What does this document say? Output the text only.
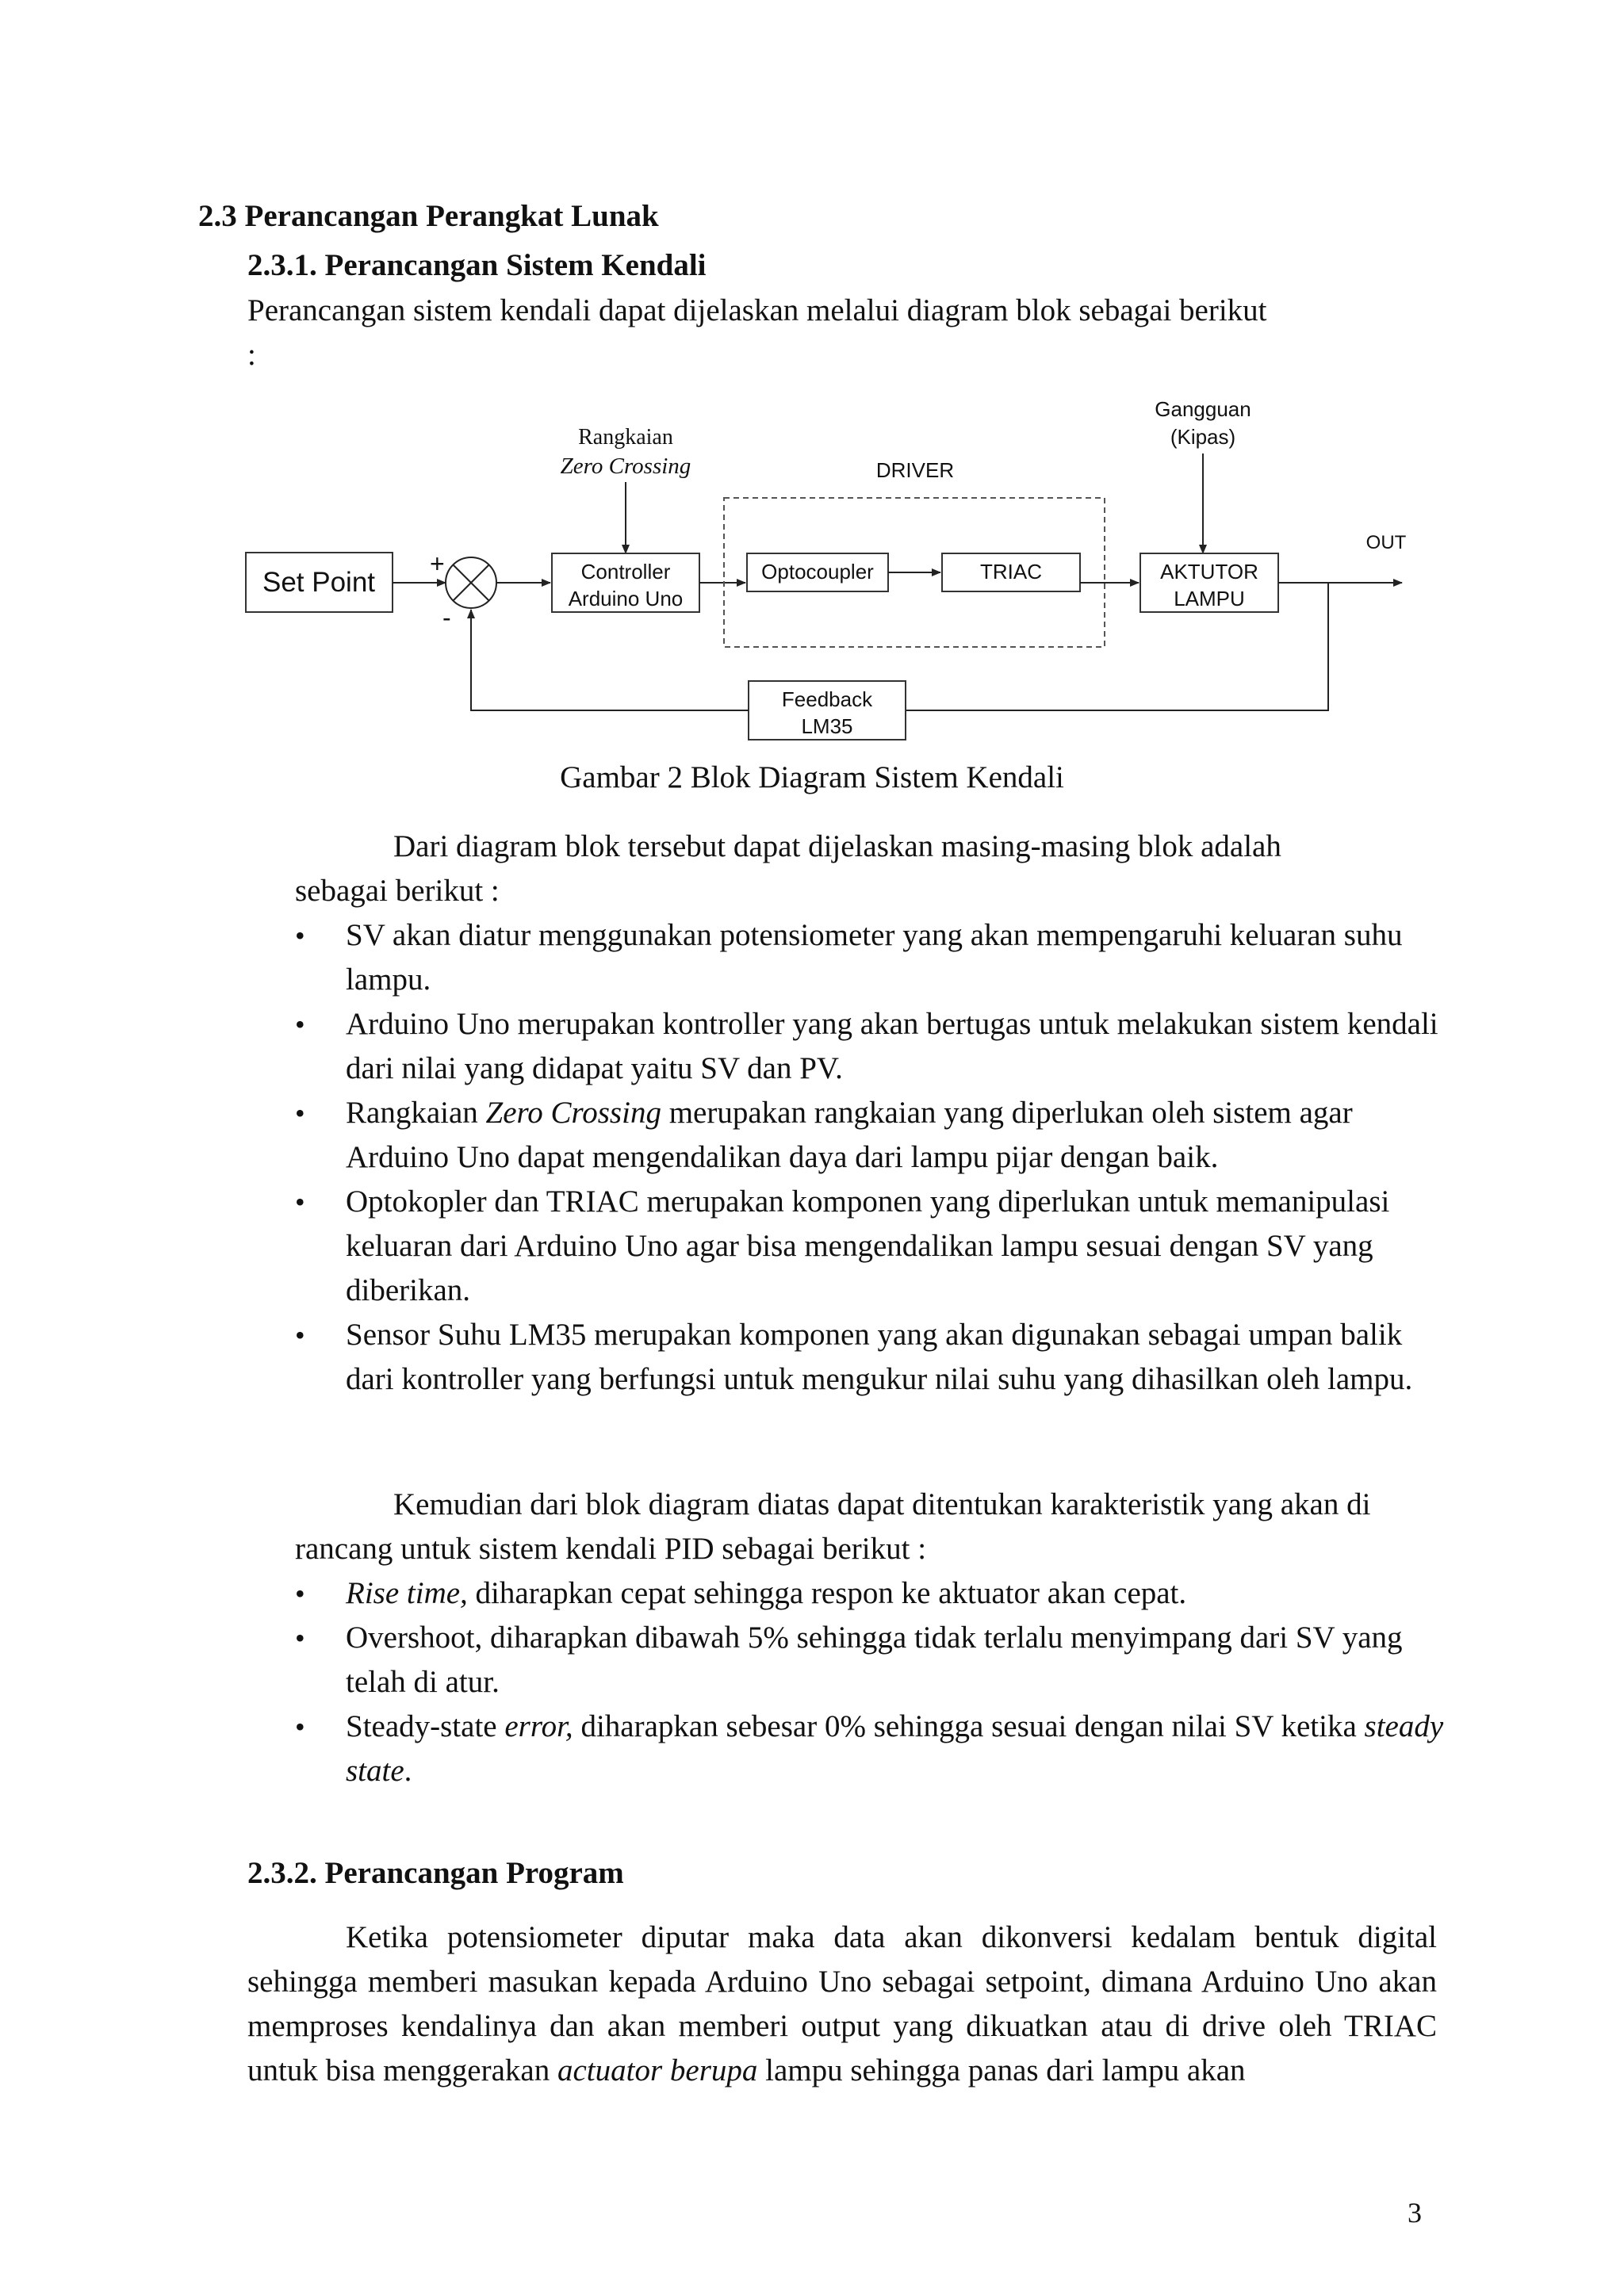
2.3 Perancangan Perangkat Lunak
2.3.1. Perancangan Sistem Kendali
Perancangan sistem kendali dapat dijelaskan melalui diagram blok sebagai berikut :
Set Point
+
-
Rangkaian
Zero Crossing
Controller
Arduino Uno
DRIVER
Optocoupler	TRIAC
Gangguan
(Kipas)
AKTUTOR
LAMPU
OUT
Feedback
LM35
Gambar 2 Blok Diagram Sistem Kendali
Dari diagram blok tersebut dapat dijelaskan masing-masing blok adalah
sebagai berikut :
• SV akan diatur menggunakan potensiometer yang akan mempengaruhi keluaran suhu lampu.
• Arduino Uno merupakan kontroller yang akan bertugas untuk melakukan sistem kendali dari nilai yang didapat yaitu SV dan PV.
• Rangkaian Zero Crossing merupakan rangkaian yang diperlukan oleh sistem agar Arduino Uno dapat mengendalikan daya dari lampu pijar dengan baik.
• Optokopler dan TRIAC merupakan komponen yang diperlukan untuk memanipulasi keluaran dari Arduino Uno agar bisa mengendalikan lampu sesuai dengan SV yang diberikan.
• Sensor Suhu LM35 merupakan komponen yang akan digunakan sebagai umpan balik dari kontroller yang berfungsi untuk mengukur nilai suhu yang dihasilkan oleh lampu.
Kemudian dari blok diagram diatas dapat ditentukan karakteristik yang akan di
rancang untuk sistem kendali PID sebagai berikut :
• Rise time, diharapkan cepat sehingga respon ke aktuator akan cepat.
• Overshoot, diharapkan dibawah 5% sehingga tidak terlalu menyimpang dari SV yang telah di atur.
• Steady-state error, diharapkan sebesar 0% sehingga sesuai dengan nilai SV ketika steady state.
2.3.2. Perancangan Program
Ketika potensiometer diputar maka data akan dikonversi kedalam bentuk digital sehingga memberi masukan kepada Arduino Uno sebagai setpoint, dimana Arduino Uno akan memproses kendalinya dan akan memberi output yang dikuatkan atau di drive oleh TRIAC untuk bisa menggerakan actuator berupa lampu sehingga panas dari lampu akan
3
